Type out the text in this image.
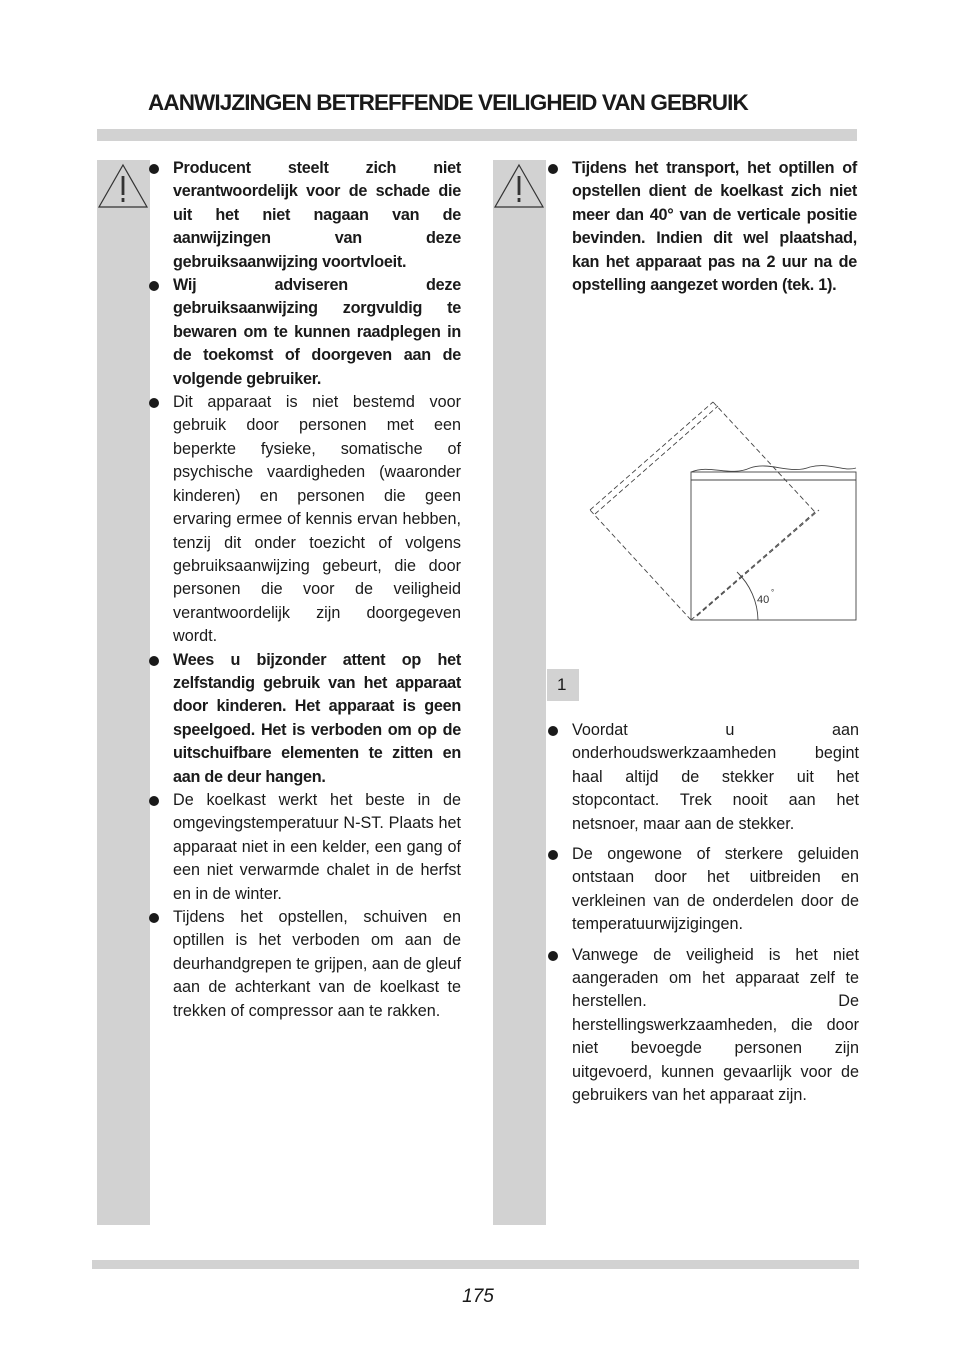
AANWIJZINGEN BETREFFENDE VEILIGHEID VAN GEBRUIK
Producent steelt zich niet verantwoordelijk voor de schade die uit het niet nagaan van de aanwijzingen van deze gebruiksaanwijzing voortvloeit.
Wij adviseren deze gebruiksaanwijzing zorgvuldig te bewaren om te kunnen raadplegen in de toekomst of doorgeven aan de volgende gebruiker.
Dit apparaat is niet bestemd voor gebruik door personen met een beperkte fysieke, somatische of psychische vaardigheden (waaronder kinderen) en personen die geen ervaring ermee of kennis ervan hebben, tenzij dit onder toezicht of volgens gebruiksaanwijzing gebeurt, die door personen die voor de veiligheid verantwoordelijk zijn doorgegeven wordt.
Wees u bijzonder attent op het zelfstandig gebruik van het apparaat door kinderen. Het apparaat is geen speelgoed. Het is verboden om op de uitschuifbare elementen te zitten en aan de deur hangen.
De koelkast werkt het beste in de omgevingstemperatuur N-ST. Plaats het apparaat niet in een kelder, een gang of een niet verwarmde chalet in de herfst en in de winter.
Tijdens het opstellen, schuiven en optillen is het verboden om aan de deurhandgrepen te grijpen, aan de gleuf aan de achterkant van de koelkast te trekken of compressor aan te rakken.
Tijdens het transport, het optillen of opstellen dient de koelkast zich niet meer dan 40° van de verticale positie bevinden. Indien dit wel plaatshad, kan het apparaat pas na 2 uur na de opstelling aangezet worden (tek. 1).
40
°
1
Voordat u aan onderhoudswerkzaamheden begint haal altijd de stekker uit het stopcontact. Trek nooit aan het netsnoer, maar aan de stekker.
De ongewone of sterkere geluiden ontstaan door het uitbreiden en verkleinen van de onderdelen door de temperatuurwijzigingen.
Vanwege de veiligheid is het niet aangeraden om het apparaat zelf te herstellen. De herstellingswerkzaamheden, die door niet bevoegde personen zijn uitgevoerd, kunnen gevaarlijk voor de gebruikers van het apparaat zijn.
175
